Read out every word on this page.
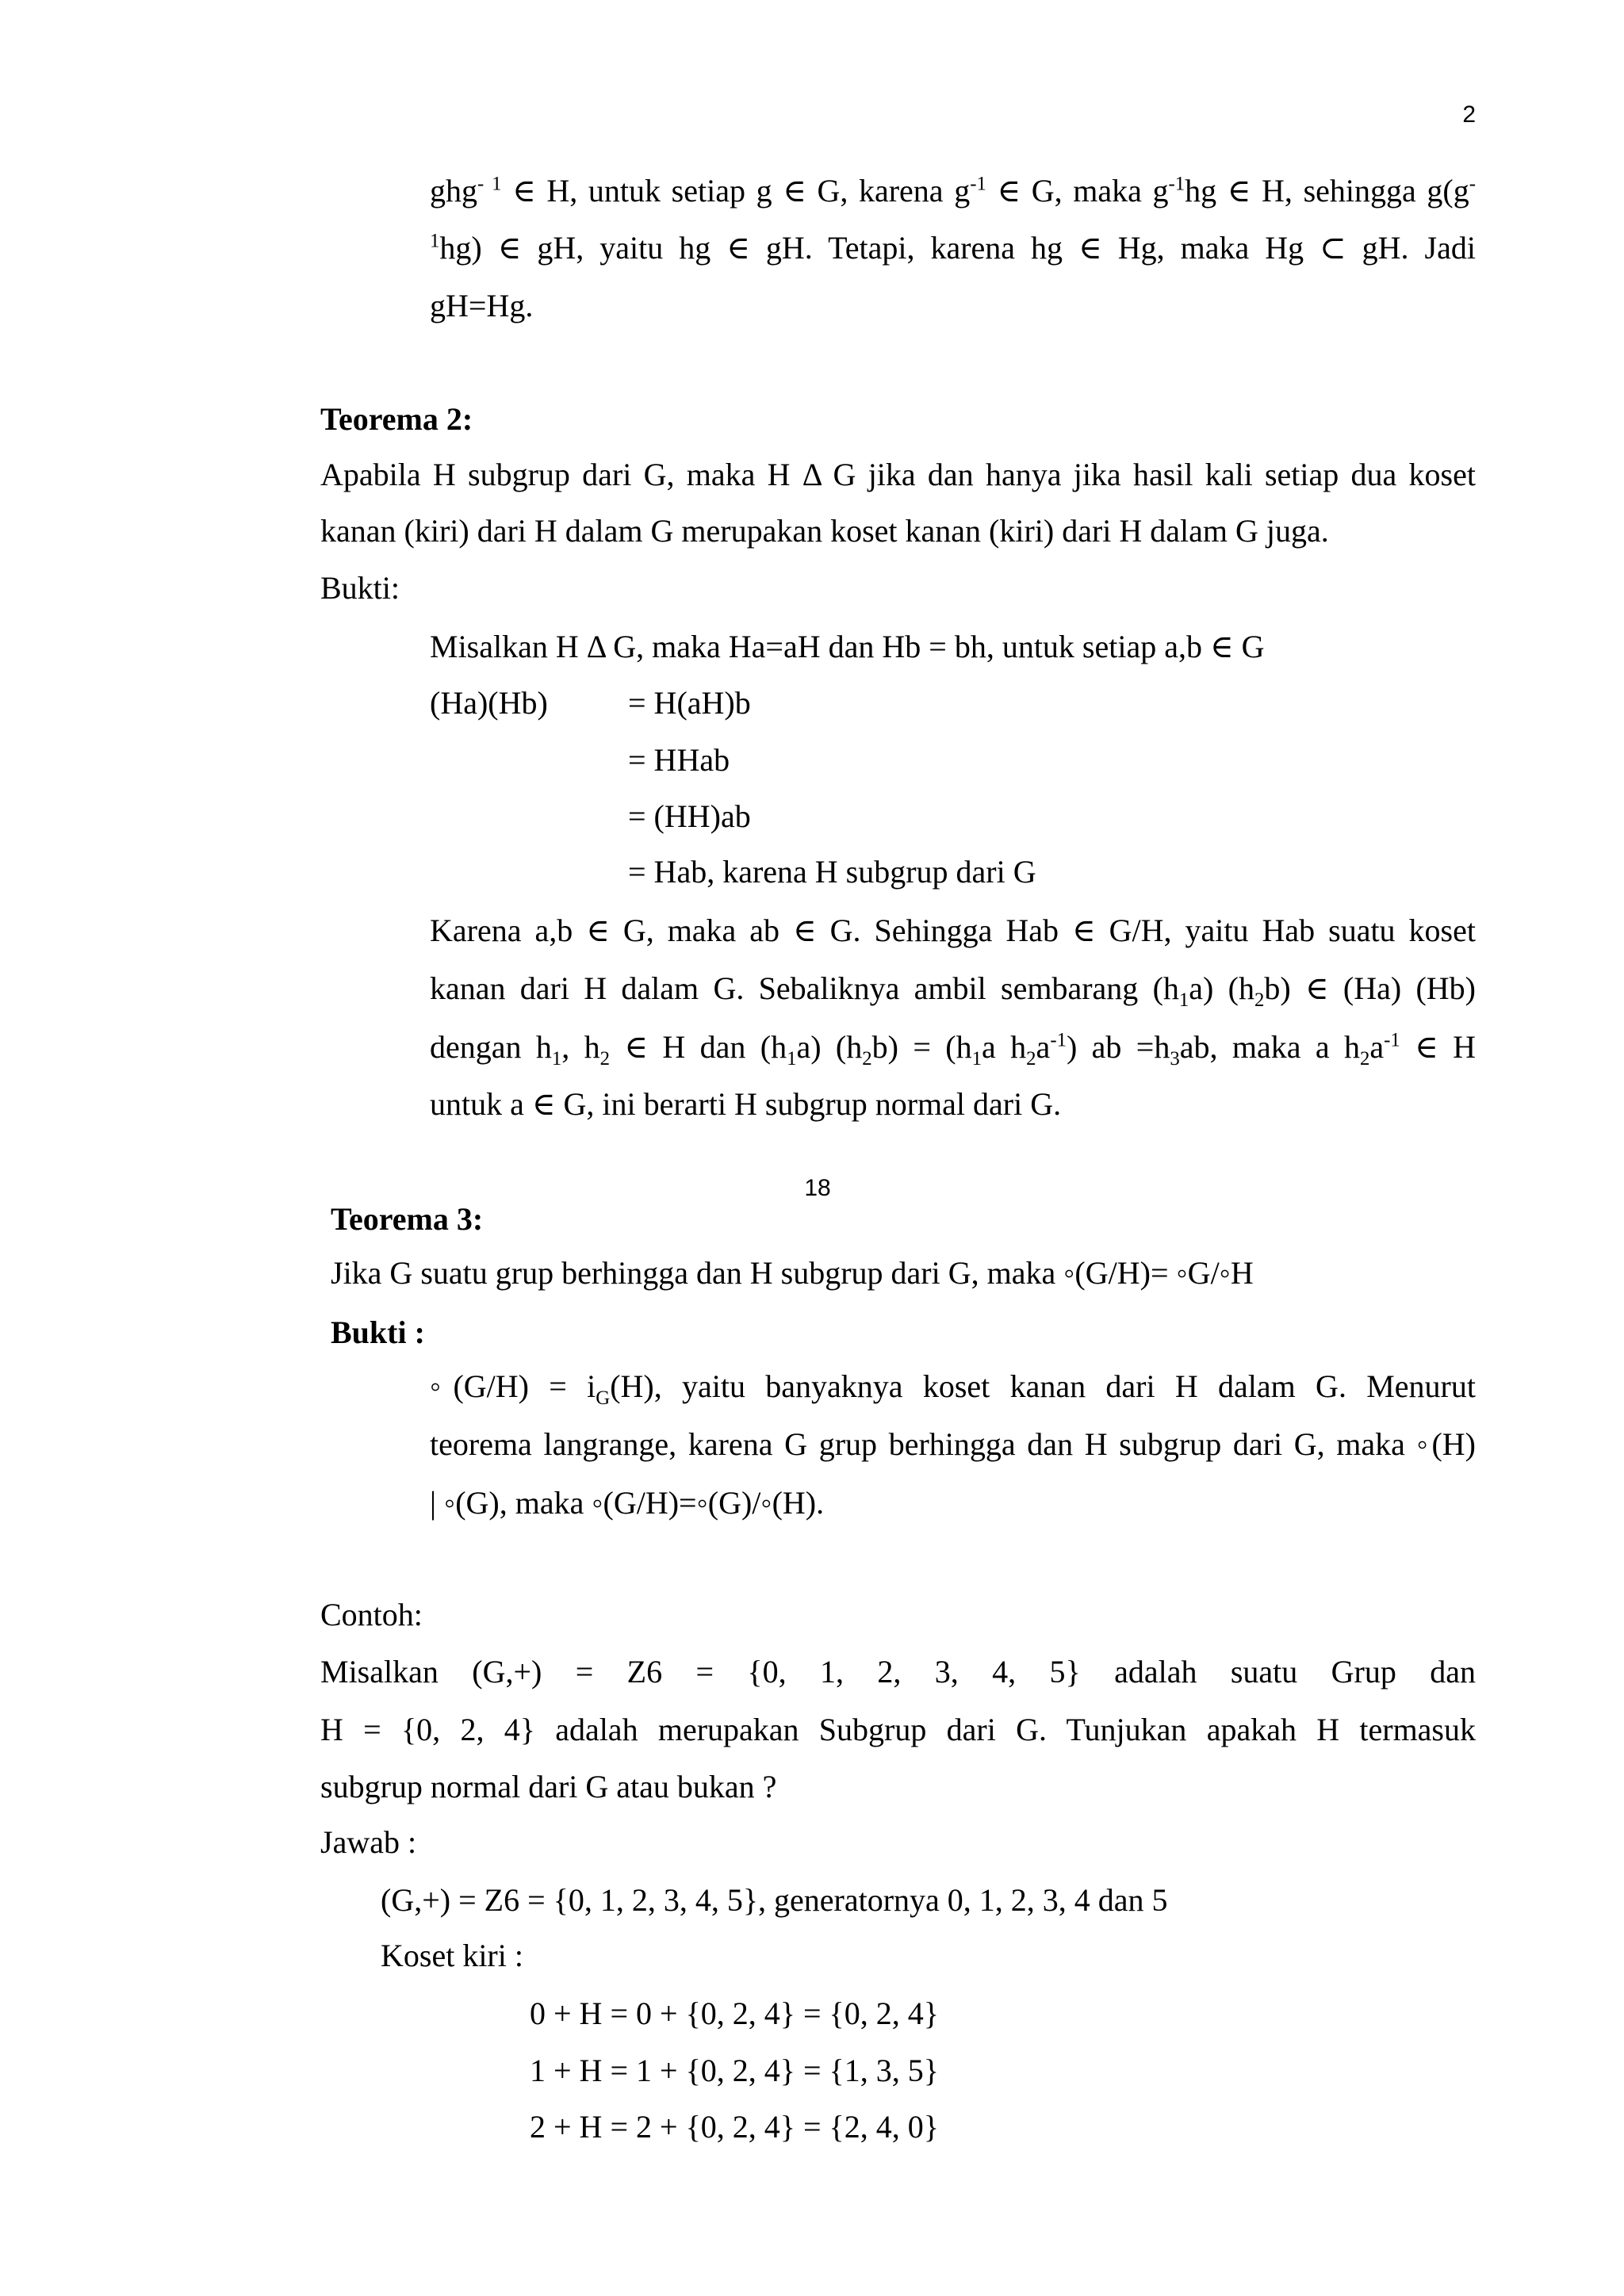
2
ghg$^{- 1}$ ∈ H, untuk setiap g ∈ G, karena $g^{-1}$ ∈ G, maka $g^{-1}hg$ ∈ H, sehingga g(g-
$^1$hg) ∈ gH, yaitu hg ∈ gH. Tetapi, karena hg ∈ Hg, maka Hg ⊂ gH. Jadi
gH=Hg.
Teorema 2:
Apabila H subgrup dari G, maka H Δ G jika dan hanya jika hasil kali setiap dua koset
kanan (kiri) dari H dalam G merupakan koset kanan (kiri) dari H dalam G juga.
Bukti:
Misalkan H Δ G, maka Ha=aH dan Hb = bh, untuk setiap a,b ∈ G
(Ha)(Hb)	= H(aH)b
= HHab
= (HH)ab
= Hab, karena H subgrup dari G
Karena a,b ∈ G, maka ab ∈ G. Sehingga Hab ∈ G/H, yaitu Hab suatu koset
kanan dari H dalam G. Sebaliknya ambil sembarang $(h_1a)$ $(h_2b)$ ∈ (Ha) (Hb)
dengan $h_1$, $h_2$ ∈ H dan $(h_1a) (h_2b) = (h_1a$ $h_2a^{-1}$) ab $=h_3ab$, maka a $h_2a^{-1}$ ∈ H
untuk a ∈ G, ini berarti H subgrup normal dari G.
18
Teorema 3:
Jika G suatu grup berhingga dan H subgrup dari G, maka ◦(G/H)= ◦G/◦H
Bukti :
◦(G/H) = $i_G(H)$, yaitu banyaknya koset kanan dari H dalam G. Menurut
teorema langrange, karena G grup berhingga dan H subgrup dari G, maka ◦(H)
| ◦(G), maka ◦(G/H)=◦(G)/◦(H).
Contoh:
Misalkan (G,+) = Z6 = {0, 1, 2, 3, 4, 5} adalah suatu Grup dan
H = {0, 2, 4} adalah merupakan Subgrup dari G. Tunjukan apakah H termasuk
subgrup normal dari G atau bukan ?
Jawab :
(G,+) = Z6 = {0, 1, 2, 3, 4, 5}, generatornya 0, 1, 2, 3, 4 dan 5
Koset kiri :
0 + H = 0 + {0, 2, 4} = {0, 2, 4}
1 + H = 1 + {0, 2, 4} = {1, 3, 5}
2 + H = 2 + {0, 2, 4} = {2, 4, 0}
